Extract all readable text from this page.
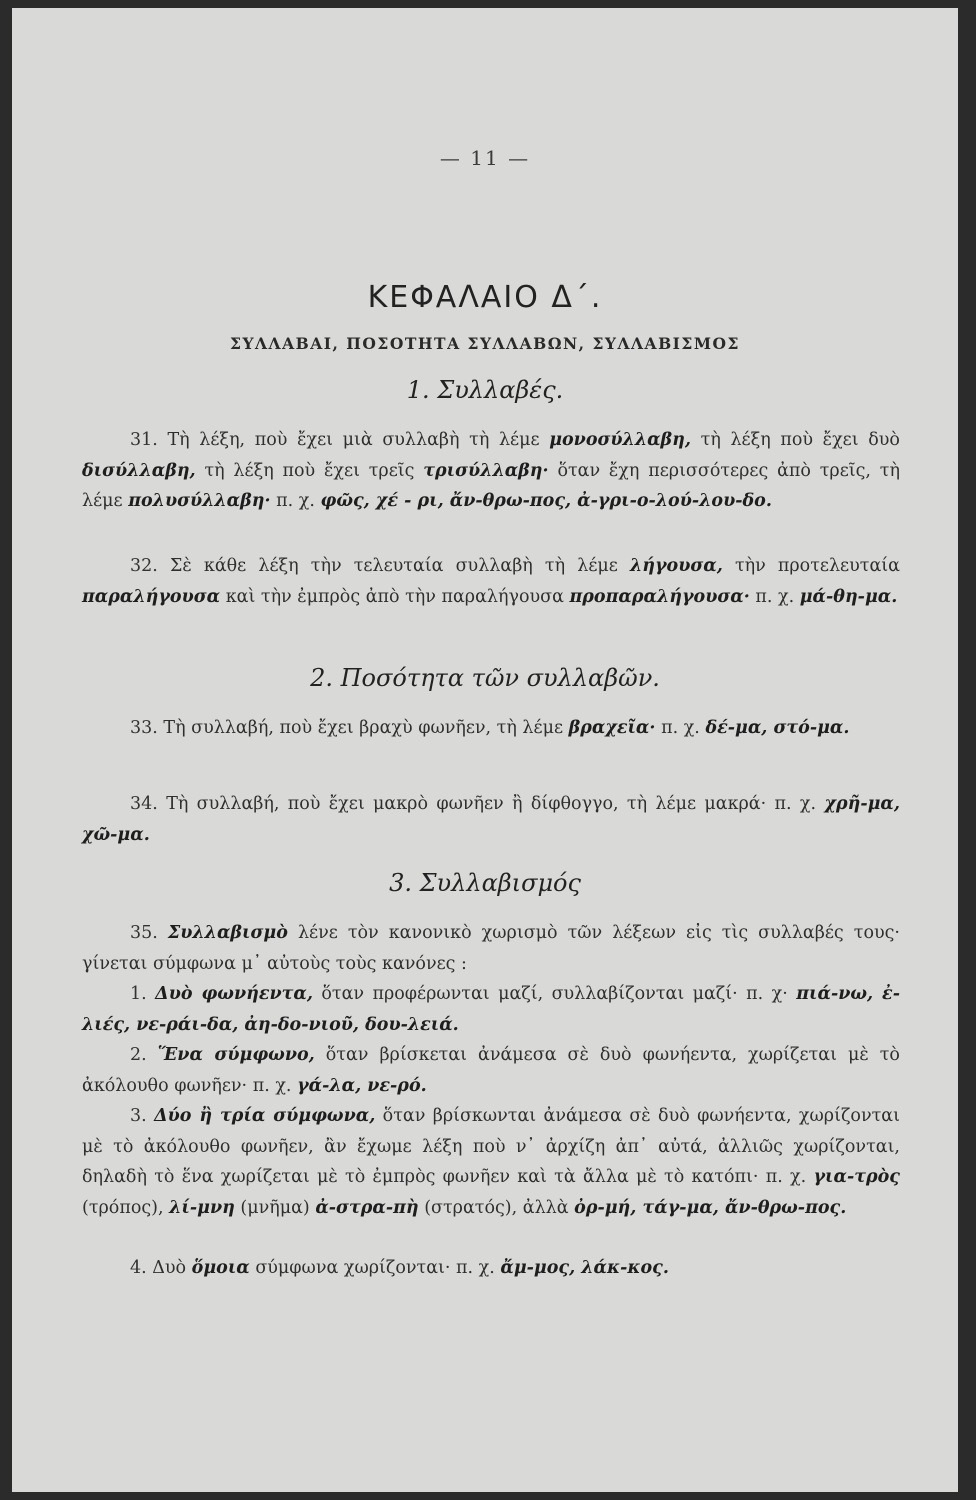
— 11 —
ΚΕΦΑΛΑΙΟ Δ΄.
ΣΥΛΛΑΒΑΙ, ΠΟΣΟΤΗΤΑ ΣΥΛΛΑΒΩΝ, ΣΥΛΛΑΒΙΣΜΟΣ
1. Συλλαβές.

31. Τὴ λέξη, ποὺ ἔχει μιὰ συλλαβὴ τὴ λέμε μονοσύλλαβη, τὴ λέξη ποὺ ἔχει δυὸ δισύλλαβη, τὴ λέξη ποὺ ἔχει τρεῖς τρισύλλαβη· ὅταν ἔχη περισσότερες ἀπὸ τρεῖς, τὴ λέμε πολυσύλλαβη· π. χ. φῶς, χέ - ρι, ἄν-θρω-πος, ἀ-γρι-ο-λού-λου-δο.

32. Σὲ κάθε λέξη τὴν τελευταία συλλαβὴ τὴ λέμε λήγουσα, τὴν προτελευταία παραλήγουσα καὶ τὴν ἐμπρὸς ἀπὸ τὴν παραλήγουσα προπαραλήγουσα· π. χ. μά-θη-μα.

2. Ποσότητα τῶν συλλαβῶν.

33. Τὴ συλλαβή, ποὺ ἔχει βραχὺ φωνῆεν, τὴ λέμε βραχεῖα· π. χ. δέ-μα, στό-μα.

34. Τὴ συλλαβή, ποὺ ἔχει μακρὸ φωνῆεν ἢ δίφθογγο, τὴ λέμε μακρά· π. χ. χρῆ-μα, χῶ-μα.

3. Συλλαβισμός

35. Συλλαβισμὸ λένε τὸν κανονικὸ χωρισμὸ τῶν λέξεων εἰς τὶς συλλαβές τους· γίνεται σύμφωνα μ᾽ αὐτοὺς τοὺς κανόνες :

1. Δυὸ φωνήεντα, ὅταν προφέρωνται μαζί, συλλαβίζονται μαζί· π. χ· πιά-νω, ἐ-λιές, νε-ράι-δα, ἀη-δο-νιοῦ, δου-λειά.

2. Ἕνα σύμφωνο, ὅταν βρίσκεται ἀνάμεσα σὲ δυὸ φωνήεντα, χωρίζεται μὲ τὸ ἀκόλουθο φωνῆεν· π. χ. γά-λα, νε-ρό.

3. Δύο ἢ τρία σύμφωνα, ὅταν βρίσκωνται ἀνάμεσα σὲ δυὸ φωνήεντα, χωρίζονται μὲ τὸ ἀκόλουθο φωνῆεν, ἂν ἔχωμε λέξη ποὺ ν᾽ ἀρχίζη ἀπ᾽ αὐτά, ἀλλιῶς χωρίζονται, δηλαδὴ τὸ ἕνα χωρίζεται μὲ τὸ ἐμπρὸς φωνῆεν καὶ τὰ ἄλλα μὲ τὸ κατόπι· π. χ. για-τρὸς (τρόπος), λί-μνη (μνῆμα) ἀ-στρα-πὴ (στρατός), ἀλλὰ ὀρ-μή, τάγ-μα, ἄν-θρω-πος.

4. Δυὸ ὅμοια σύμφωνα χωρίζονται· π. χ. ἄμ-μος, λάκ-κος.
